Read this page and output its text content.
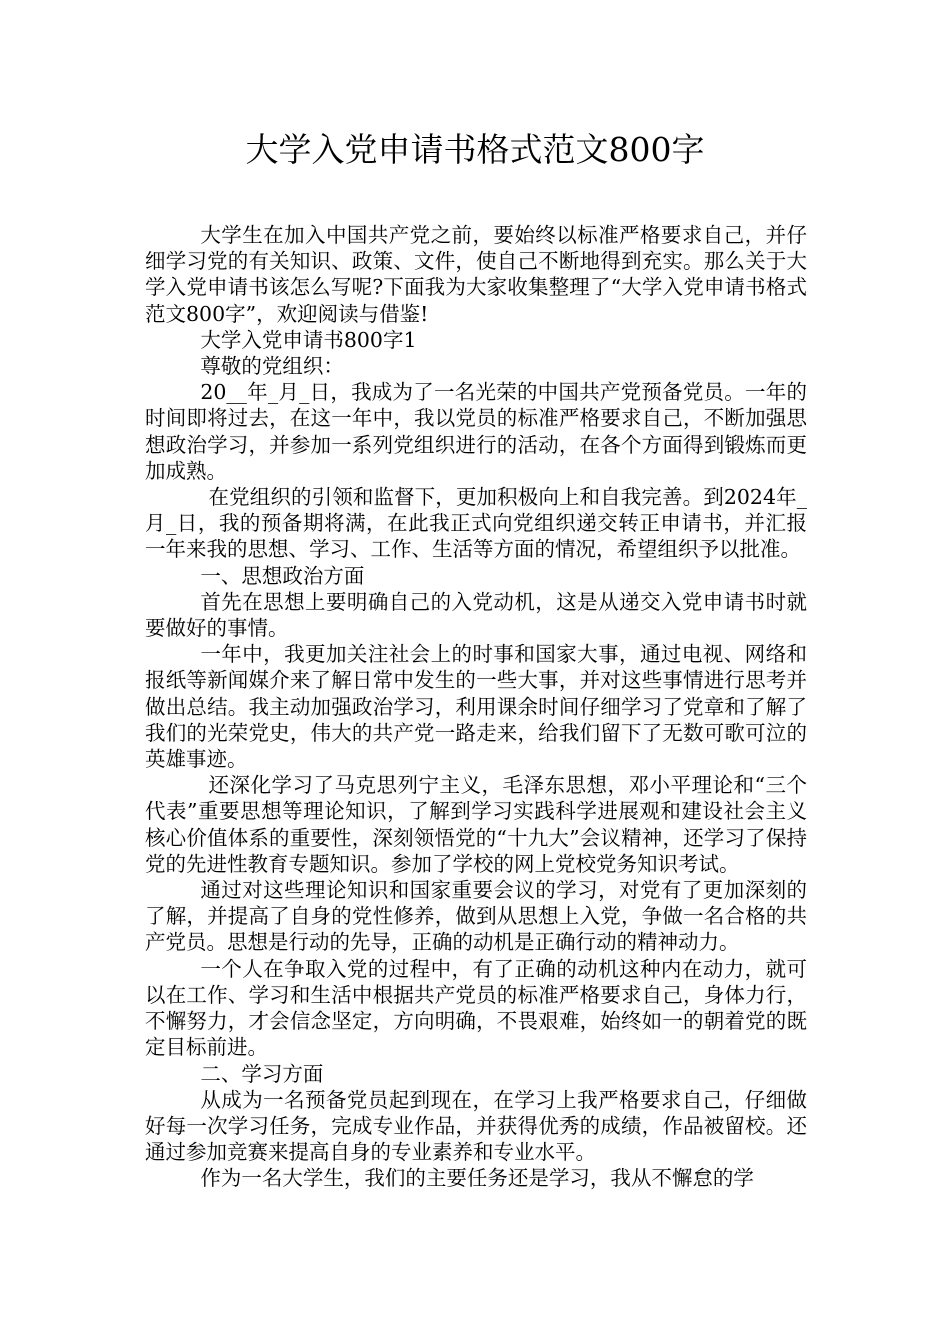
大学入党申请书格式范文800字

大学生在加入中国共产党之前，要始终以标准严格要求自己，并仔细学习党的有关知识、政策、文件，使自己不断地得到充实。那么关于大学入党申请书该怎么写呢?下面我为大家收集整理了“大学入党申请书格式范文800字”，欢迎阅读与借鉴!

大学入党申请书800字1

尊敬的党组织：

20__年_月_日，我成为了一名光荣的中国共产党预备党员。一年的时间即将过去，在这一年中，我以党员的标准严格要求自己，不断加强思想政治学习，并参加一系列党组织进行的活动，在各个方面得到锻炼而更加成熟。

在党组织的引领和监督下，更加积极向上和自我完善。到2024年_月_日，我的预备期将满，在此我正式向党组织递交转正申请书，并汇报一年来我的思想、学习、工作、生活等方面的情况，希望组织予以批准。

一、思想政治方面

首先在思想上要明确自己的入党动机，这是从递交入党申请书时就要做好的事情。

一年中，我更加关注社会上的时事和国家大事，通过电视、网络和报纸等新闻媒介来了解日常中发生的一些大事，并对这些事情进行思考并做出总结。我主动加强政治学习，利用课余时间仔细学习了党章和了解了我们的光荣党史，伟大的共产党一路走来，给我们留下了无数可歌可泣的英雄事迹。

还深化学习了马克思列宁主义，毛泽东思想，邓小平理论和“三个代表”重要思想等理论知识，了解到学习实践科学进展观和建设社会主义核心价值体系的重要性，深刻领悟党的“十九大”会议精神，还学习了保持党的先进性教育专题知识。参加了学校的网上党校党务知识考试。

通过对这些理论知识和国家重要会议的学习，对党有了更加深刻的了解，并提高了自身的党性修养，做到从思想上入党，争做一名合格的共产党员。思想是行动的先导，正确的动机是正确行动的精神动力。

一个人在争取入党的过程中，有了正确的动机这种内在动力，就可以在工作、学习和生活中根据共产党员的标准严格要求自己，身体力行，不懈努力，才会信念坚定，方向明确，不畏艰难，始终如一的朝着党的既定目标前进。

二、学习方面

从成为一名预备党员起到现在，在学习上我严格要求自己，仔细做好每一次学习任务，完成专业作品，并获得优秀的成绩，作品被留校。还通过参加竞赛来提高自身的专业素养和专业水平。

作为一名大学生，我们的主要任务还是学习，我从不懈怠的学
